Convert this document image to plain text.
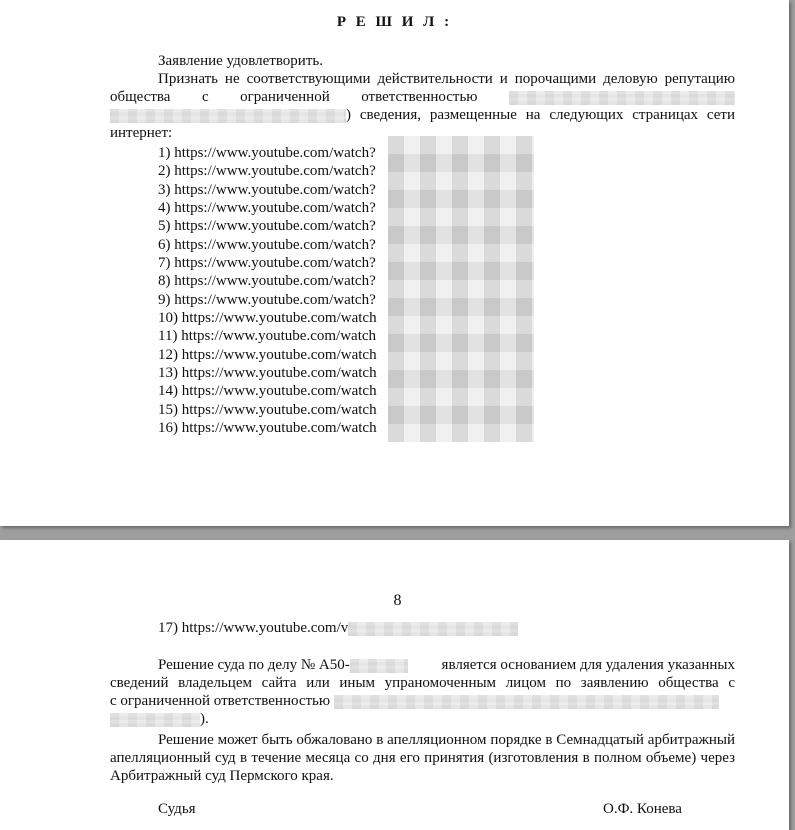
Р Е Ш И Л :

Заявление удовлетворить.

Признать не соответствующими действительности и порочащими деловую репутацию общества с ограниченной ответственностью  ) сведения, размещенные на следующих страницах сети интернет:

1) https://www.youtube.com/watch?
2) https://www.youtube.com/watch?
3) https://www.youtube.com/watch?
4) https://www.youtube.com/watch?
5) https://www.youtube.com/watch?
6) https://www.youtube.com/watch?
7) https://www.youtube.com/watch?
8) https://www.youtube.com/watch?
9) https://www.youtube.com/watch?
10) https://www.youtube.com/watch
11) https://www.youtube.com/watch
12) https://www.youtube.com/watch
13) https://www.youtube.com/watch
14) https://www.youtube.com/watch
15) https://www.youtube.com/watch
16) https://www.youtube.com/watch
8
17) https://www.youtube.com/v
Решение суда по делу № А50-	является основанием для удаления указанных
сведений владельцем сайта или иным упраномоченным лицом по заявлению общества с
с ограниченной ответственностью
).

Решение может быть обжаловано в апелляционном порядке в Семнадцатый арбитражный апелляционный суд в течение месяца со дня его принятия (изготовления в полном объеме) через Арбитражный суд Пермского края.

Судья	О.Ф. Конева
